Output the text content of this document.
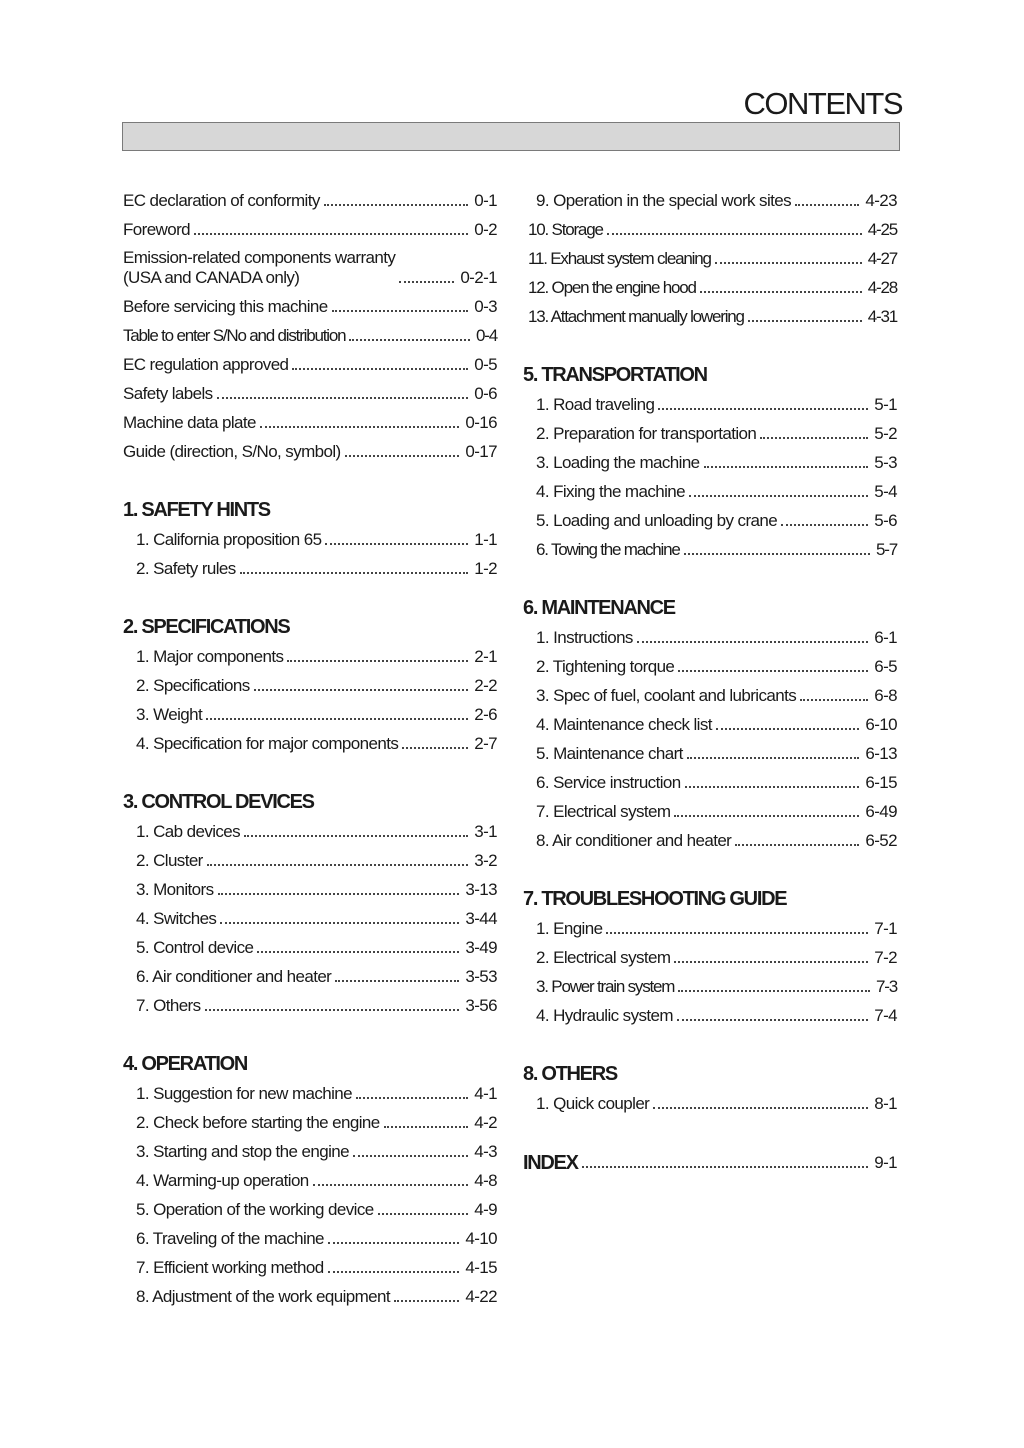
CONTENTS
EC declaration of conformity	0-1
Foreword	0-2
Emission-related components warranty
(USA and CANADA only)	0-2-1
Before servicing this machine	0-3
Table to enter S/No and distribution	0-4
EC regulation approved	0-5
Safety labels	0-6
Machine data plate	0-16
Guide (direction, S/No, symbol)	0-17
1. SAFETY HINTS
1. California proposition 65	1-1
2. Safety rules	1-2
2. SPECIFICATIONS
1. Major components	2-1
2. Specifications	2-2
3. Weight	2-6
4. Specification for major components	2-7
3. CONTROL DEVICES
1. Cab devices	3-1
2. Cluster	3-2
3. Monitors	3-13
4. Switches	3-44
5. Control device	3-49
6. Air conditioner and heater	3-53
7. Others	3-56
4. OPERATION
1. Suggestion for new machine	4-1
2. Check before starting the engine	4-2
3. Starting and stop the engine	4-3
4. Warming-up operation	4-8
5. Operation of the working device	4-9
6. Traveling of the machine	4-10
7. Efficient working method	4-15
8. Adjustment of the work equipment	4-22
9. Operation in the special work sites	4-23
10. Storage	4-25
11. Exhaust system cleaning	4-27
12. Open the engine hood	4-28
13. Attachment manually lowering	4-31
5. TRANSPORTATION
1. Road traveling	5-1
2. Preparation for transportation	5-2
3. Loading the machine	5-3
4. Fixing the machine	5-4
5. Loading and unloading by crane	5-6
6. Towing the machine	5-7
6. MAINTENANCE
1. Instructions	6-1
2. Tightening torque	6-5
3. Spec of fuel, coolant and lubricants	6-8
4. Maintenance check list	6-10
5. Maintenance chart	6-13
6. Service instruction	6-15
7. Electrical system	6-49
8. Air conditioner and heater	6-52
7. TROUBLESHOOTING GUIDE
1. Engine	7-1
2. Electrical system	7-2
3. Power train system	7-3
4. Hydraulic system	7-4
8. OTHERS
1. Quick coupler	8-1
INDEX	9-1
